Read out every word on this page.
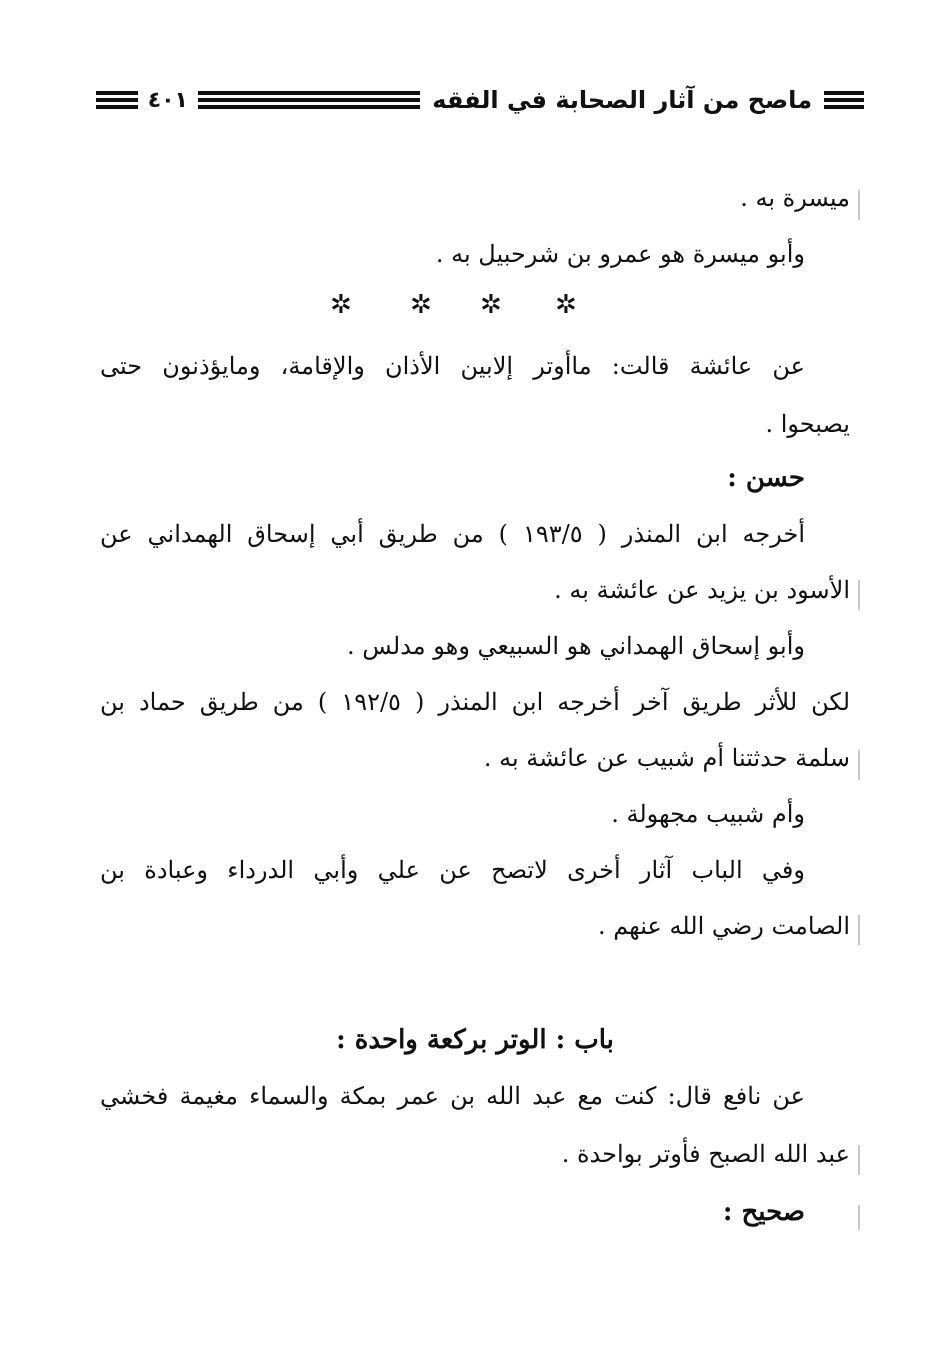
٤٠١	ماصح من آثار الصحابة في الفقه
ميسرة به .
وأبو ميسرة هو عمرو بن شرحبيل به .
✲ ✲ ✲ ✲
عن عائشة قالت: ماأوتر إلابين الأذان والإقامة، ومايؤذنون حتى
يصبحوا .
حسن :
أخرجه ابن المنذر ( ١٩٣/٥ ) من طريق أبي إسحاق الهمداني عن
الأسود بن يزيد عن عائشة به .
وأبو إسحاق الهمداني هو السبيعي وهو مدلس .
لكن للأثر طريق آخر أخرجه ابن المنذر ( ١٩٢/٥ ) من طريق حماد بن
سلمة حدثتنا أم شبيب عن عائشة به .
وأم شبيب مجهولة .
وفي الباب آثار أخرى لاتصح عن علي وأبي الدرداء وعبادة بن
الصامت رضي الله عنهم .
باب : الوتر بركعة واحدة :
عن نافع قال: كنت مع عبد الله بن عمر بمكة والسماء مغيمة فخشي
عبد الله الصبح فأوتر بواحدة .
صحيح :
